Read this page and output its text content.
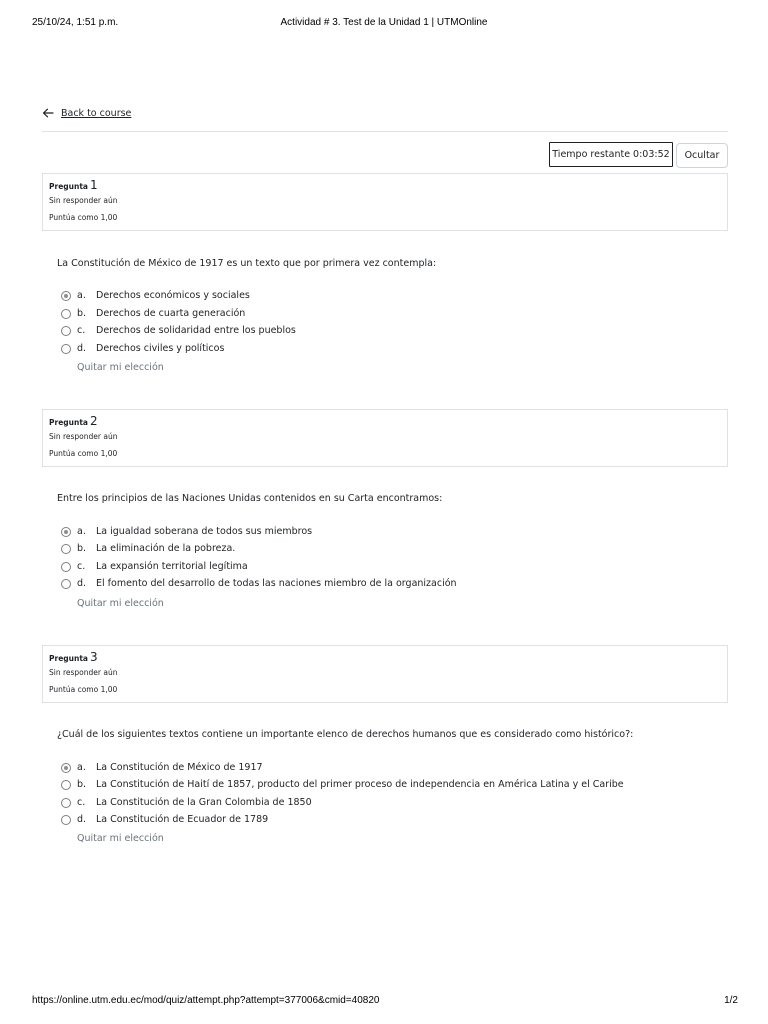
25/10/24, 1:51 p.m.	Actividad # 3. Test de la Unidad 1 | UTMOnline
Back to course
Tiempo restante 0:03:52	Ocultar
Pregunta 1
Sin responder aún
Puntúa como 1,00
La Constitución de México de 1917 es un texto que por primera vez contempla:
a. Derechos económicos y sociales
b. Derechos de cuarta generación
c. Derechos de solidaridad entre los pueblos
d. Derechos civiles y políticos
Quitar mi elección
Pregunta 2
Sin responder aún
Puntúa como 1,00
Entre los principios de las Naciones Unidas contenidos en su Carta encontramos:
a. La igualdad soberana de todos sus miembros
b. La eliminación de la pobreza.
c. La expansión territorial legítima
d. El fomento del desarrollo de todas las naciones miembro de la organización
Quitar mi elección
Pregunta 3
Sin responder aún
Puntúa como 1,00
¿Cuál de los siguientes textos contiene un importante elenco de derechos humanos que es considerado como histórico?:
a. La Constitución de México de 1917
b. La Constitución de Haití de 1857, producto del primer proceso de independencia en América Latina y el Caribe
c. La Constitución de la Gran Colombia de 1850
d. La Constitución de Ecuador de 1789
Quitar mi elección
https://online.utm.edu.ec/mod/quiz/attempt.php?attempt=377006&cmid=40820	1/2
